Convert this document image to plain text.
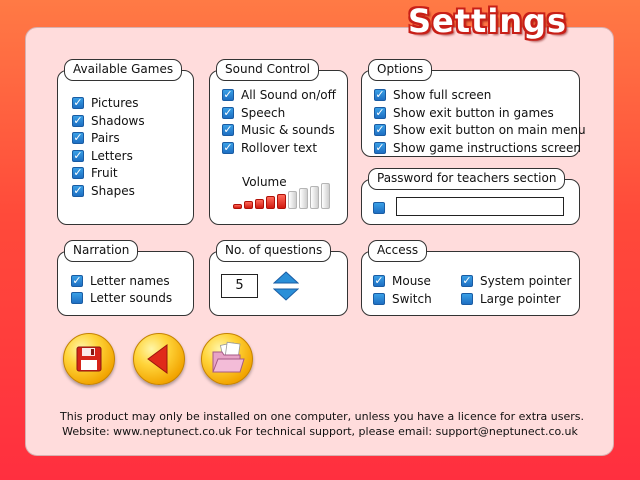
Settings
Available Games
✓
Pictures
✓
Shadows
✓
Pairs
✓
Letters
✓
Fruit
✓
Shapes
Sound Control
✓
All Sound on/off
✓
Speech
✓
Music & sounds
✓
Rollover text
Volume
Options
✓
Show full screen
✓
Show exit button in games
✓
Show exit button on main menu
✓
Show game instructions screen
Password for teachers section
Narration
✓
Letter names
Letter sounds
No. of questions
5
Access
✓
Mouse
Switch
✓
System pointer
Large pointer
This product may only be installed on one computer, unless you have a licence for extra users.
Website: www.neptunect.co.uk For technical support, please email: support@neptunect.co.uk
